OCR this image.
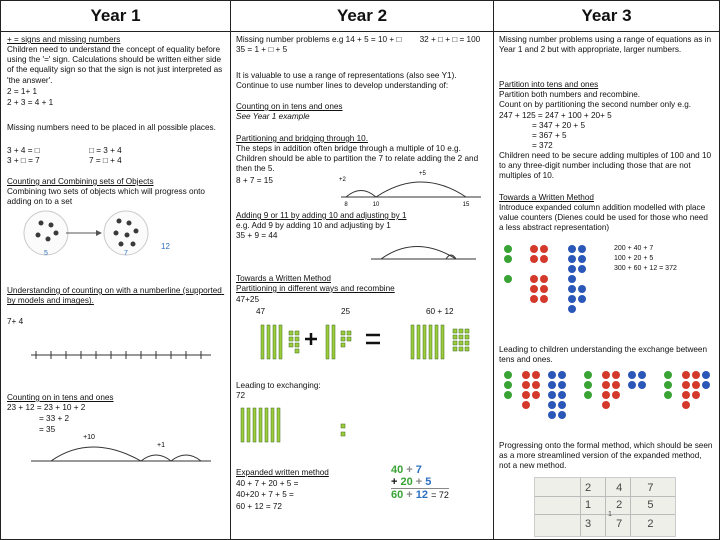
Year 1
+ = signs and missing numbers
Children need to understand the concept of equality before using the '=' sign. Calculations should be written either side of the equality sign so that the sign is not just interpreted as 'the answer'.
2 = 1+ 1
2 + 3 = 4 + 1
Missing numbers need to be placed in all possible places.
3 + 4 = □	□ = 3 + 4
3 + □ = 7	7 = □ + 4
Counting and Combining sets of Objects
Combining two sets of objects which will progress onto adding on to a set
5	7
12
Understanding of counting on with a numberline (supported by models and images).
7+ 4
Counting on in tens and ones
23 + 12 = 23 + 10 + 2
= 33 + 2
= 35
+10
+1
Year 2
Missing number problems e.g 14 + 5 = 10 + □        32 + □ + □ = 100   35 = 1 + □ + 5
It is valuable to use a range of representations (also see Y1). Continue to use number lines to develop understanding of:
Counting on in tens and ones
See Year 1 example
Partitioning and bridging through 10.
The steps in addition often bridge through a multiple of 10 e.g. Children should be able to partition the 7 to relate adding the 2 and then the 5.
8 + 7 = 15	+2
+5
8	10	15
Adding 9 or 11 by adding 10 and adjusting by 1
e.g. Add 9 by adding 10 and adjusting by 1
35 + 9 = 44
Towards a Written Method
Partitioning in different ways and recombine
47+25
47	25	60 + 12
Leading to exchanging:
72
Expanded written method
40 + 7 + 20 + 5 =
40+20 + 7 + 5 =
60 + 12 = 72
40 + 7
+ 20 + 5
60 + 12 = 72
Year 3
Missing number problems using a range of equations as in Year 1 and 2 but with appropriate, larger numbers.
Partition into tens and ones
Partition both numbers and recombine.
Count on by partitioning the second number only e.g.
247 + 125 = 247 + 100 + 20+ 5
= 347 + 20 + 5
= 367 + 5
= 372
Children need to be secure adding multiples of 100 and 10 to any three-digit number including those that are not multiples of 10.
Towards a Written Method
Introduce expanded column addition modelled with place value counters (Dienes could be used for those who need a less abstract representation)
200 + 40 + 7
100 + 20 + 5
300 + 60 + 12 = 372
Leading to children understanding the exchange between tens and ones.
Progressing onto the formal method, which should be seen as a more streamlined version of the expanded method, not a new method.
2 4 7
1 2 5
3 7 2
1
